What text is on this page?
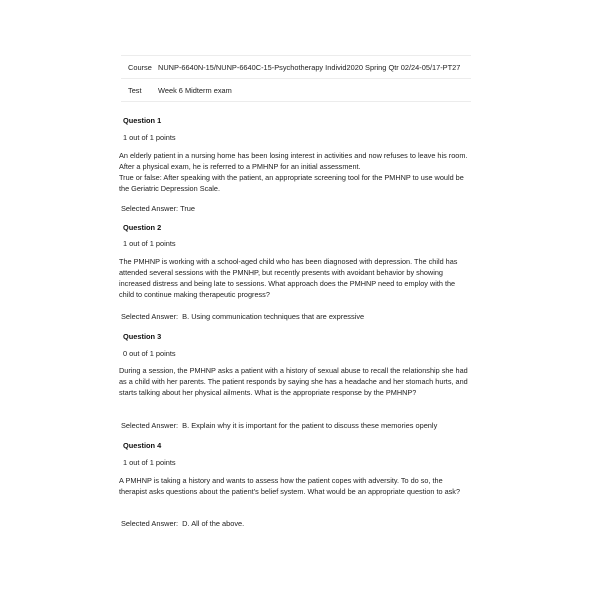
Course NUNP-6640N-15/NUNP-6640C-15-Psychotherapy Individ2020 Spring Qtr 02/24-05/17-PT27
Test	Week 6 Midterm exam
Question 1
1 out of 1 points

An elderly patient in a nursing home has been losing interest in activities and now refuses to leave his room. After a physical exam, he is referred to a PMHNP for an initial assessment.

True or false: After speaking with the patient, an appropriate screening tool for the PMHNP to use would be the Geriatric Depression Scale.

Selected Answer: True
Question 2
1 out of 1 points

The PMHNP is working with a school-aged child who has been diagnosed with depression. The child has attended several sessions with the PMNHP, but recently presents with avoidant behavior by showing increased distress and being late to sessions. What approach does the PMHNP need to employ with the child to continue making therapeutic progress?

Selected Answer: B. Using communication techniques that are expressive
Question 3
0 out of 1 points

During a session, the PMHNP asks a patient with a history of sexual abuse to recall the relationship she had as a child with her parents. The patient responds by saying she has a headache and her stomach hurts, and starts talking about her physical ailments. What is the appropriate response by the PMHNP?

Selected Answer: B. Explain why it is important for the patient to discuss these memories openly
Question 4
1 out of 1 points

A PMHNP is taking a history and wants to assess how the patient copes with adversity. To do so, the therapist asks questions about the patient’s belief system. What would be an appropriate question to ask?

Selected Answer: D. All of the above.
